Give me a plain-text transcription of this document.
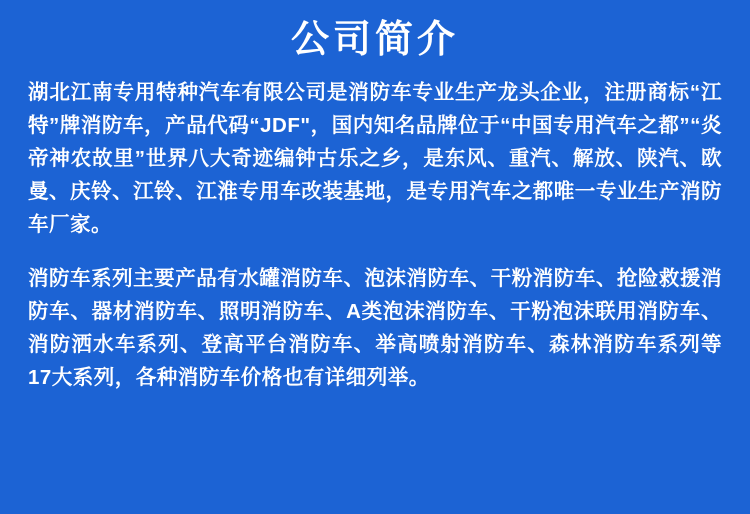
公司简介

湖北江南专用特种汽车有限公司是消防车专业生产龙头企业，注册商标“江特”牌消防车，产品代码“JDF"，国内知名品牌位于“中国专用汽车之都”“炎帝神农故里”世界八大奇迹编钟古乐之乡，是东风、重汽、解放、陕汽、欧曼、庆铃、江铃、江淮专用车改装基地，是专用汽车之都唯一专业生产消防车厂家。

消防车系列主要产品有水罐消防车、泡沫消防车、干粉消防车、抢险救援消防车、器材消防车、照明消防车、A类泡沫消防车、干粉泡沫联用消防车、消防洒水车系列、登高平台消防车、举高喷射消防车、森林消防车系列等17大系列，各种消防车价格也有详细列举。
